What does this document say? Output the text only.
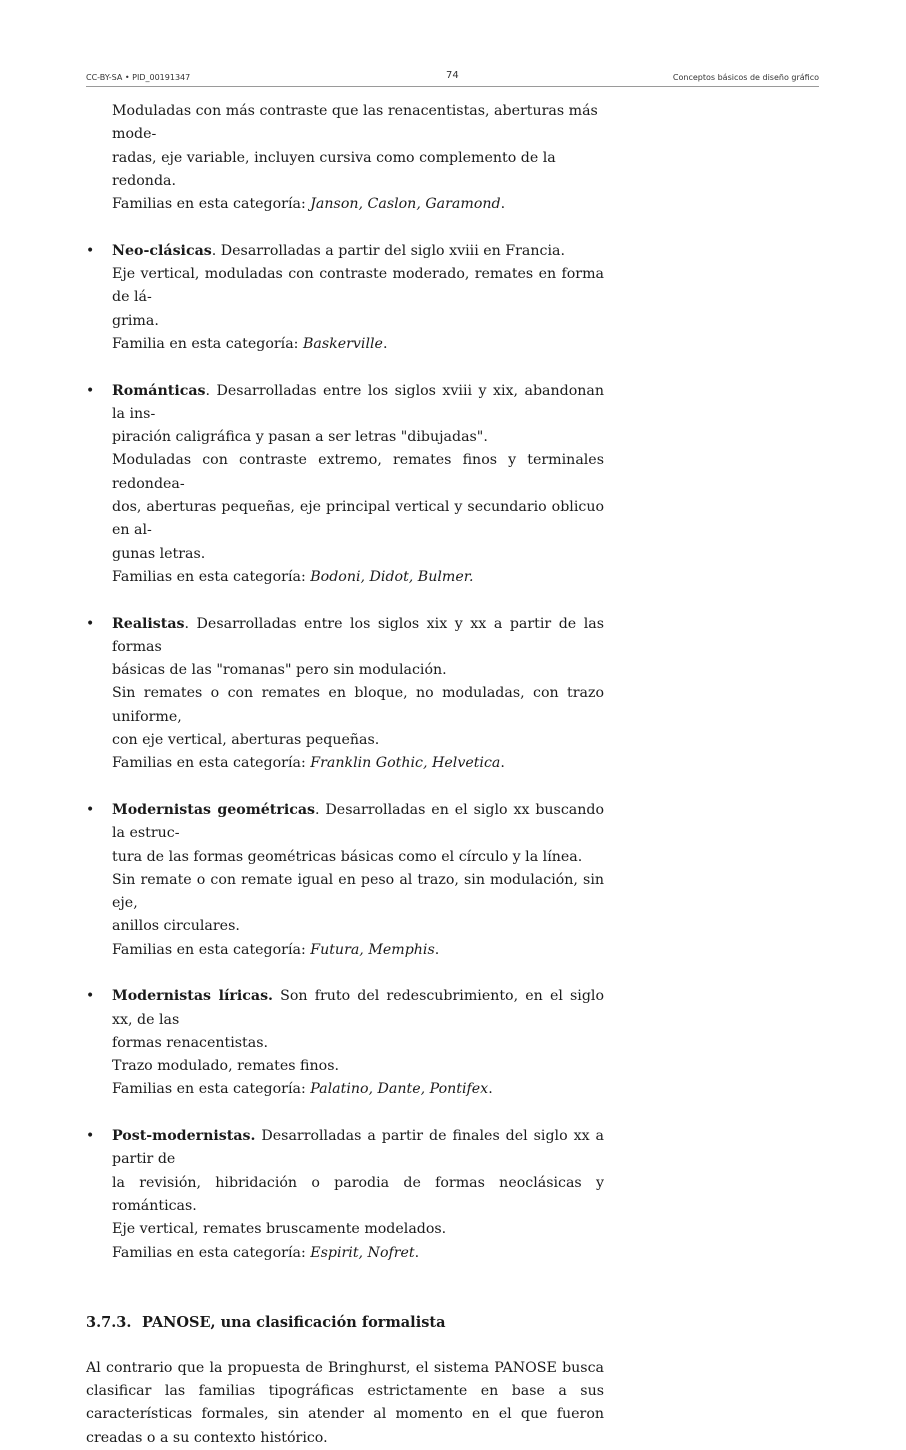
CC-BY-SA • PID_00191347	74	Conceptos básicos de diseño gráfico
Moduladas con más contraste que las renacentistas, aberturas más mode-
radas, eje variable, incluyen cursiva como complemento de la redonda.
Familias en esta categoría: Janson, Caslon, Garamond.
• Neo-clásicas. Desarrolladas a partir del siglo xviii en Francia.
Eje vertical, moduladas con contraste moderado, remates en forma de lá-
grima.
Familia en esta categoría: Baskerville.
• Románticas. Desarrolladas entre los siglos xviii y xix, abandonan la ins-
piración caligráfica y pasan a ser letras "dibujadas".
Moduladas con contraste extremo, remates finos y terminales redondea-
dos, aberturas pequeñas, eje principal vertical y secundario oblicuo en al-
gunas letras.
Familias en esta categoría: Bodoni, Didot, Bulmer.
• Realistas. Desarrolladas entre los siglos xix y xx a partir de las formas
básicas de las "romanas" pero sin modulación.
Sin remates o con remates en bloque, no moduladas, con trazo uniforme,
con eje vertical, aberturas pequeñas.
Familias en esta categoría: Franklin Gothic, Helvetica.
• Modernistas geométricas. Desarrolladas en el siglo xx buscando la estruc-
tura de las formas geométricas básicas como el círculo y la línea.
Sin remate o con remate igual en peso al trazo, sin modulación, sin eje,
anillos circulares.
Familias en esta categoría: Futura, Memphis.
• Modernistas líricas. Son fruto del redescubrimiento, en el siglo xx, de las
formas renacentistas.
Trazo modulado, remates finos.
Familias en esta categoría: Palatino, Dante, Pontifex.
• Post-modernistas. Desarrolladas a partir de finales del siglo xx a partir de
la revisión, hibridación o parodia de formas neoclásicas y románticas.
Eje vertical, remates bruscamente modelados.
Familias en esta categoría: Espirit, Nofret.
3.7.3. PANOSE, una clasificación formalista
Al contrario que la propuesta de Bringhurst, el sistema PANOSE busca clasificar las familias tipográficas estrictamente en base a sus características formales, sin atender al momento en el que fueron creadas o a su contexto histórico.
